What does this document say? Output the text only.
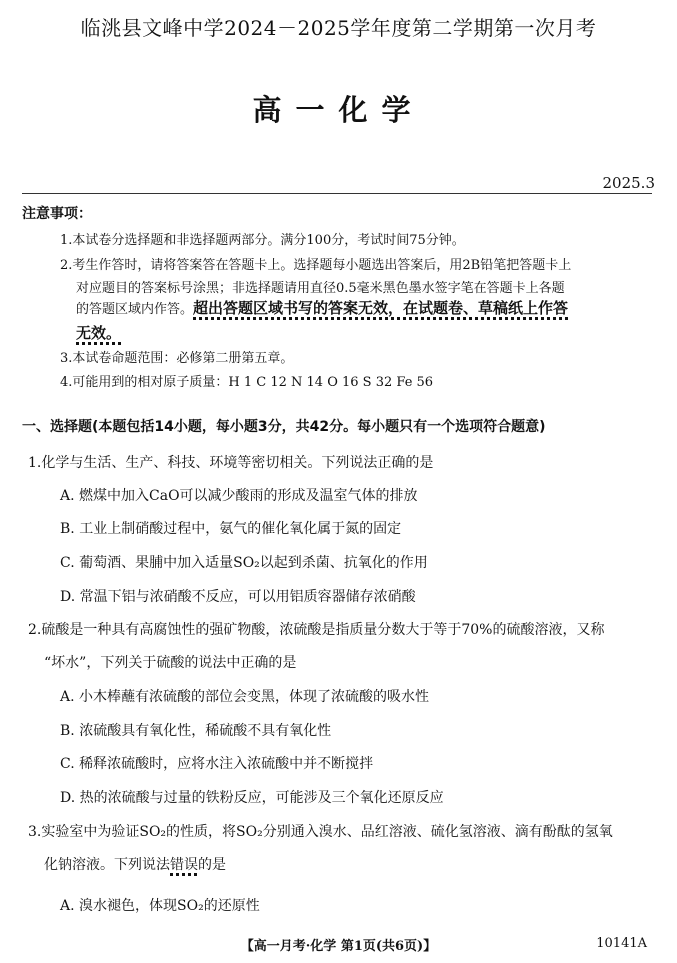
临洮县文峰中学2024－2025学年度第二学期第一次月考
高一化学
2025.3
注意事项：
1.本试卷分选择题和非选择题两部分。满分100分，考试时间75分钟。
2.考生作答时，请将答案答在答题卡上。选择题每小题选出答案后，用2B铅笔把答题卡上
对应题目的答案标号涂黑；非选择题请用直径0.5毫米黑色墨水签字笔在答题卡上各题
的答题区域内作答。超出答题区域书写的答案无效，在试题卷、草稿纸上作答
无效。
3.本试卷命题范围：必修第二册第五章。
4.可能用到的相对原子质量：H 1 C 12 N 14 O 16 S 32 Fe 56
一、选择题(本题包括14小题，每小题3分，共42分。每小题只有一个选项符合题意)
1.化学与生活、生产、科技、环境等密切相关。下列说法正确的是
A. 燃煤中加入CaO可以减少酸雨的形成及温室气体的排放
B. 工业上制硝酸过程中，氨气的催化氧化属于氮的固定
C. 葡萄酒、果脯中加入适量SO₂以起到杀菌、抗氧化的作用
D. 常温下铝与浓硝酸不反应，可以用铝质容器储存浓硝酸
2.硫酸是一种具有高腐蚀性的强矿物酸，浓硫酸是指质量分数大于等于70%的硫酸溶液，又称
“坏水”，下列关于硫酸的说法中正确的是
A. 小木棒蘸有浓硫酸的部位会变黑，体现了浓硫酸的吸水性
B. 浓硫酸具有氧化性，稀硫酸不具有氧化性
C. 稀释浓硫酸时，应将水注入浓硫酸中并不断搅拌
D. 热的浓硫酸与过量的铁粉反应，可能涉及三个氧化还原反应
3.实验室中为验证SO₂的性质，将SO₂分别通入溴水、品红溶液、硫化氢溶液、滴有酚酞的氢氧
化钠溶液。下列说法错误的是
A. 溴水褪色，体现SO₂的还原性
【高一月考·化学 第1页(共6页)】	10141A
